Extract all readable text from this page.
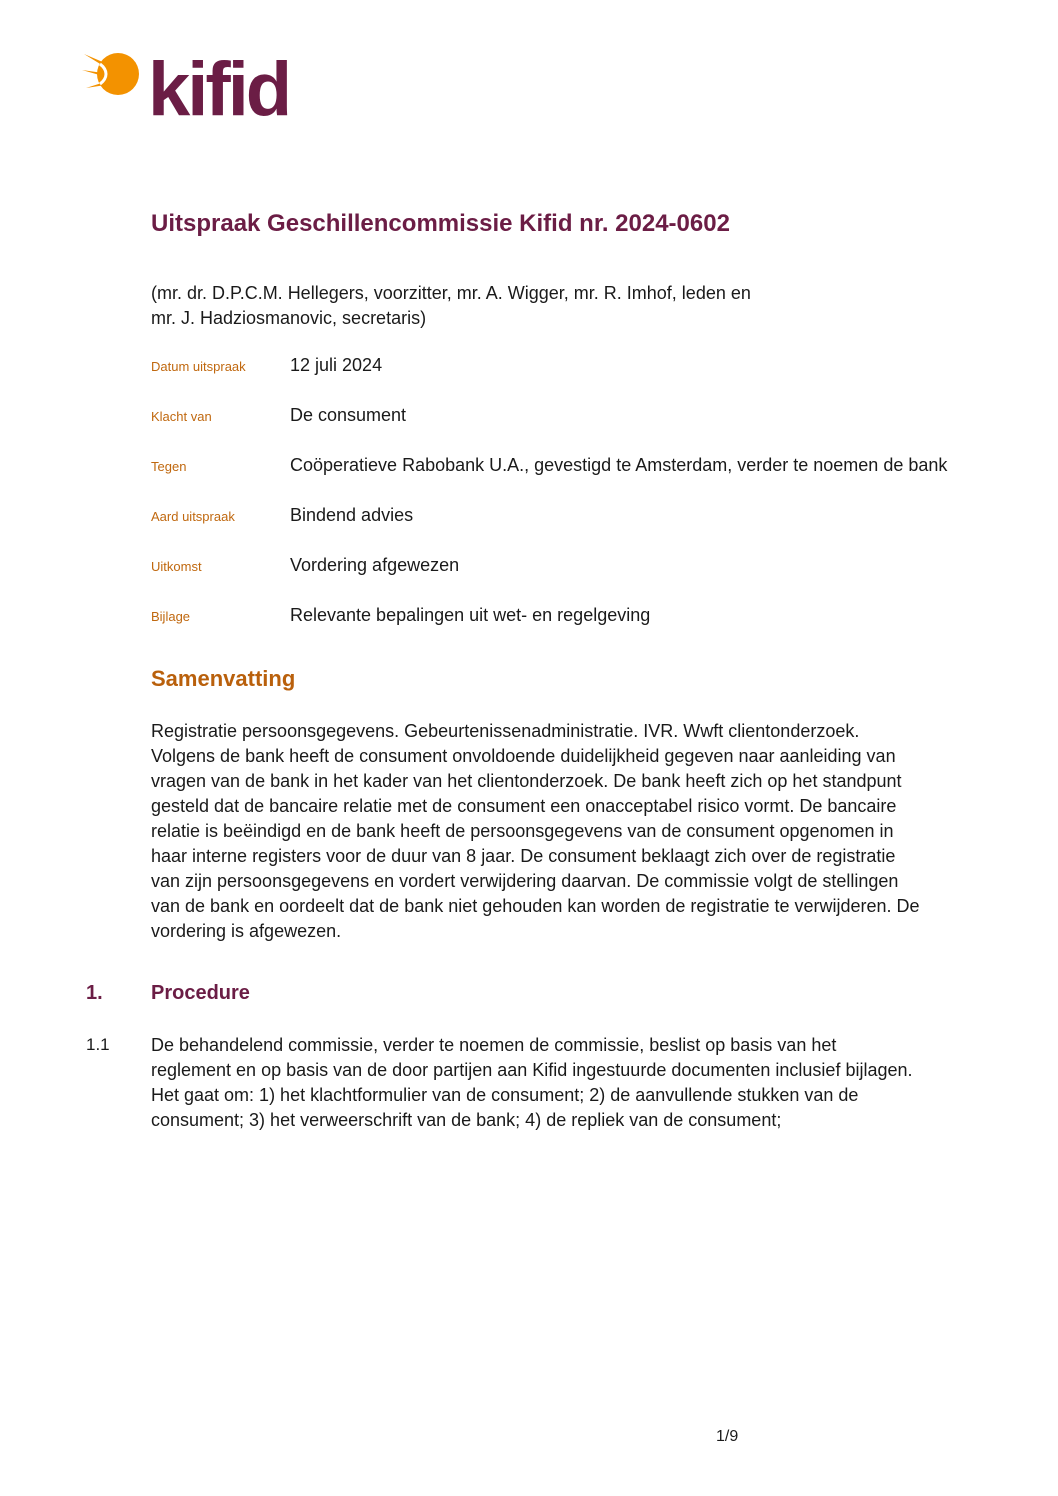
kifid
Uitspraak Geschillencommissie Kifid nr. 2024-0602

(mr. dr. D.P.C.M. Hellegers, voorzitter, mr. A. Wigger, mr. R. Imhof, leden en
mr. J. Hadziosmanovic, secretaris)

Datum uitspraak	12 juli 2024
Klacht van	De consument
Tegen	Coöperatieve Rabobank U.A., gevestigd te Amsterdam, verder te noemen de bank
Aard uitspraak	Bindend advies
Uitkomst	Vordering afgewezen
Bijlage	Relevante bepalingen uit wet- en regelgeving
Samenvatting

Registratie persoonsgegevens. Gebeurtenissenadministratie. IVR. Wwft clientonderzoek.
Volgens de bank heeft de consument onvoldoende duidelijkheid gegeven naar aanleiding van
vragen van de bank in het kader van het clientonderzoek. De bank heeft zich op het standpunt
gesteld dat de bancaire relatie met de consument een onacceptabel risico vormt. De bancaire
relatie is beëindigd en de bank heeft de persoonsgegevens van de consument opgenomen in
haar interne registers voor de duur van 8 jaar. De consument beklaagt zich over de registratie
van zijn persoonsgegevens en vordert verwijdering daarvan. De commissie volgt de stellingen
van de bank en oordeelt dat de bank niet gehouden kan worden de registratie te verwijderen. De
vordering is afgewezen.

1. Procedure
1.1 De behandelend commissie, verder te noemen de commissie, beslist op basis van het
reglement en op basis van de door partijen aan Kifid ingestuurde documenten inclusief bijlagen.
Het gaat om: 1) het klachtformulier van de consument; 2) de aanvullende stukken van de
consument; 3) het verweerschrift van de bank; 4) de repliek van de consument;

1/9
